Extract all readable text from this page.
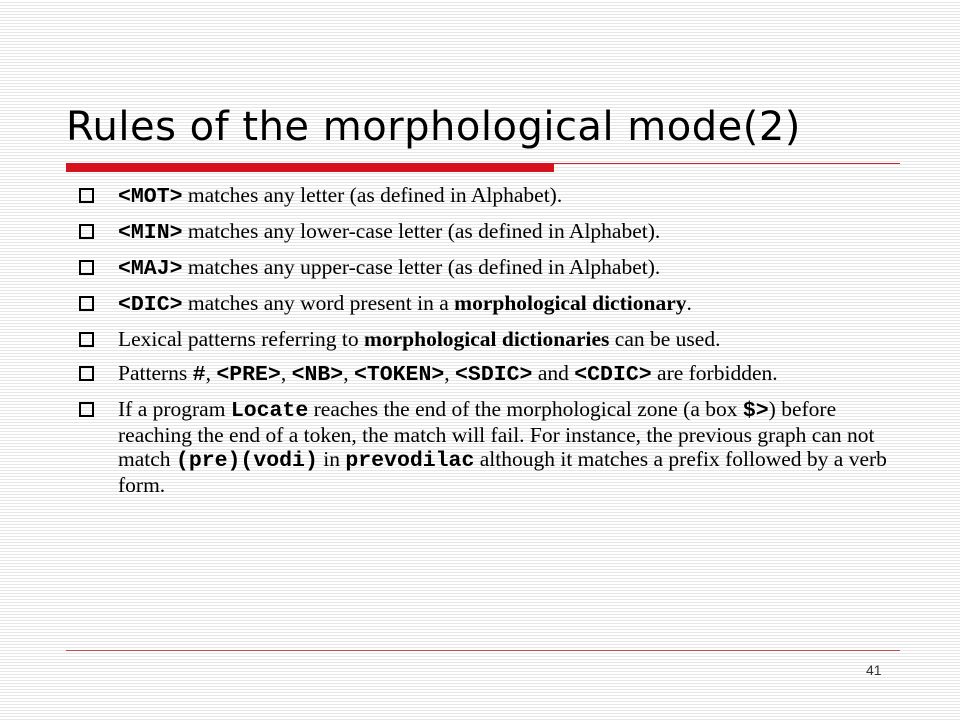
Rules of the morphological mode(2)
<MOT> matches any letter (as defined in Alphabet).
<MIN> matches any lower-case letter (as defined in Alphabet).
<MAJ> matches any upper-case letter (as defined in Alphabet).
<DIC> matches any word present in a morphological dictionary.
Lexical patterns referring to morphological dictionaries can be used.
Patterns #, <PRE>, <NB>, <TOKEN>, <SDIC> and <CDIC> are forbidden.
If a program Locate reaches the end of the morphological zone (a box $>) before reaching the end of a token, the match will fail. For instance, the previous graph can not match (pre)(vodi) in prevodilac although it matches a prefix followed by a verb form.
41
